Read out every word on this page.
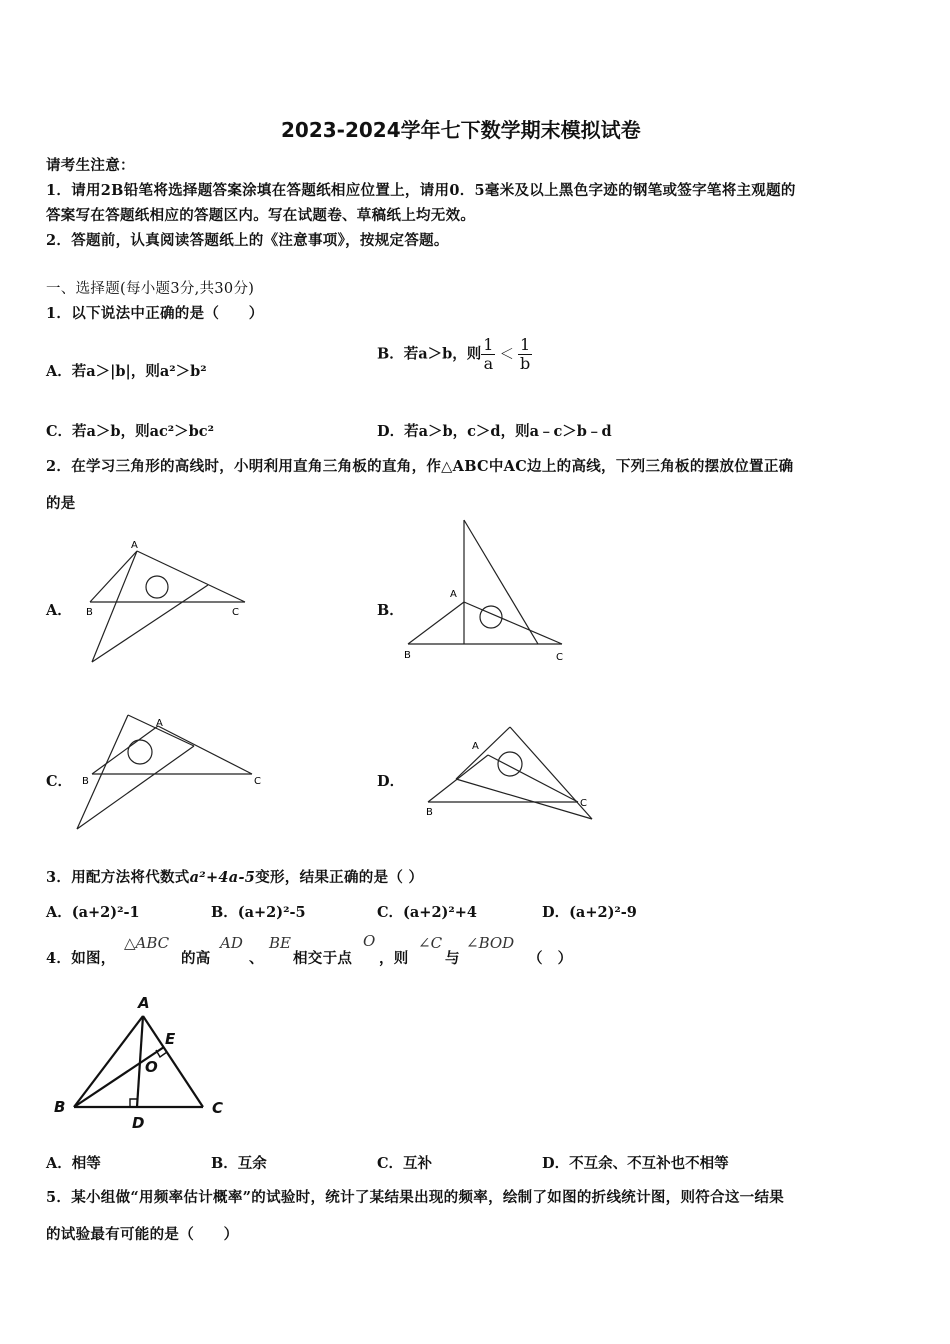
2023-2024学年七下数学期末模拟试卷
请考生注意：
1．请用2B铅笔将选择题答案涂填在答题纸相应位置上，请用0．5毫米及以上黑色字迹的钢笔或签字笔将主观题的
答案写在答题纸相应的答题区内。写在试题卷、草稿纸上均无效。
2．答题前，认真阅读答题纸上的《注意事项》，按规定答题。
一、选择题(每小题3分,共30分)
1．以下说法中正确的是（　　）
A．若a＞|b|，则a²＞b²
B．若a＞b，则 $\frac{1}{a} < \frac{1}{b}$
C．若a＞b，则ac²＞bc²	D．若a＞b，c＞d，则a﹣c＞b﹣d
2．在学习三角形的高线时，小明利用直角三角板的直角，作△ABC中AC边上的高线，下列三角板的摆放位置正确
的是
A．
A
B	C	B．
A
B	C
C．
A
B	C	D．
A
B
C
3．用配方法将代数式a²+4a-5变形，结果正确的是（ ）
A．(a+2)²-1	B．(a+2)²-5	C．(a+2)²+4	D．(a+2)²-9
4．如图，
△ABC
的高
AD
、
BE
相交于点
O
，则
∠C
与
∠BOD
（　）
A
B	C
D
E
O
A．相等	B．互余	C．互补	D．不互余、不互补也不相等
5．某小组做“用频率估计概率”的试验时，统计了某结果出现的频率，绘制了如图的折线统计图，则符合这一结果
的试验最有可能的是（　　）
